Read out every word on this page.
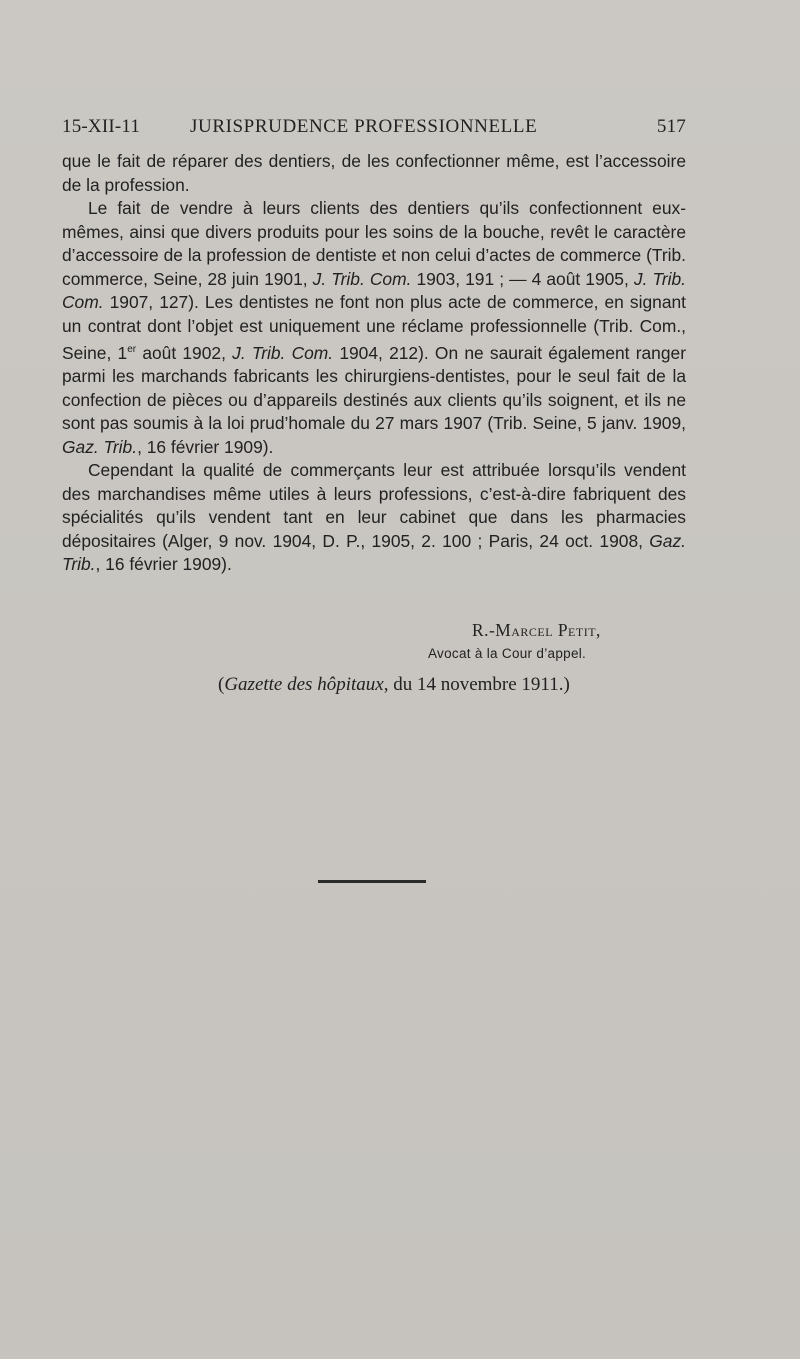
15-XII-11	JURISPRUDENCE PROFESSIONNELLE	517

que le fait de réparer des dentiers, de les confectionner même, est l’accessoire de la profession.

Le fait de vendre à leurs clients des dentiers qu’ils confectionnent eux-mêmes, ainsi que divers produits pour les soins de la bouche, revêt le caractère d’accessoire de la profession de dentiste et non celui d’actes de commerce (Trib. commerce, Seine, 28 juin 1901, J. Trib. Com. 1903, 191 ; — 4 août 1905, J. Trib. Com. 1907, 127). Les dentistes ne font non plus acte de commerce, en signant un contrat dont l’objet est uniquement une réclame professionnelle (Trib. Com., Seine, 1er août 1902, J. Trib. Com. 1904, 212). On ne saurait également ranger parmi les marchands fabricants les chirurgiens-dentistes, pour le seul fait de la confection de pièces ou d’appareils destinés aux clients qu’ils soignent, et ils ne sont pas soumis à la loi prud’homale du 27 mars 1907 (Trib. Seine, 5 janv. 1909, Gaz. Trib., 16 février 1909).

Cependant la qualité de commerçants leur est attribuée lorsqu’ils vendent des marchandises même utiles à leurs professions, c’est-à-dire fabriquent des spécialités qu’ils vendent tant en leur cabinet que dans les pharmacies dépositaires (Alger, 9 nov. 1904, D. P., 1905, 2. 100 ; Paris, 24 oct. 1908, Gaz. Trib., 16 février 1909).

R.-Marcel Petit,
Avocat à la Cour d’appel.
(Gazette des hôpitaux, du 14 novembre 1911.)
